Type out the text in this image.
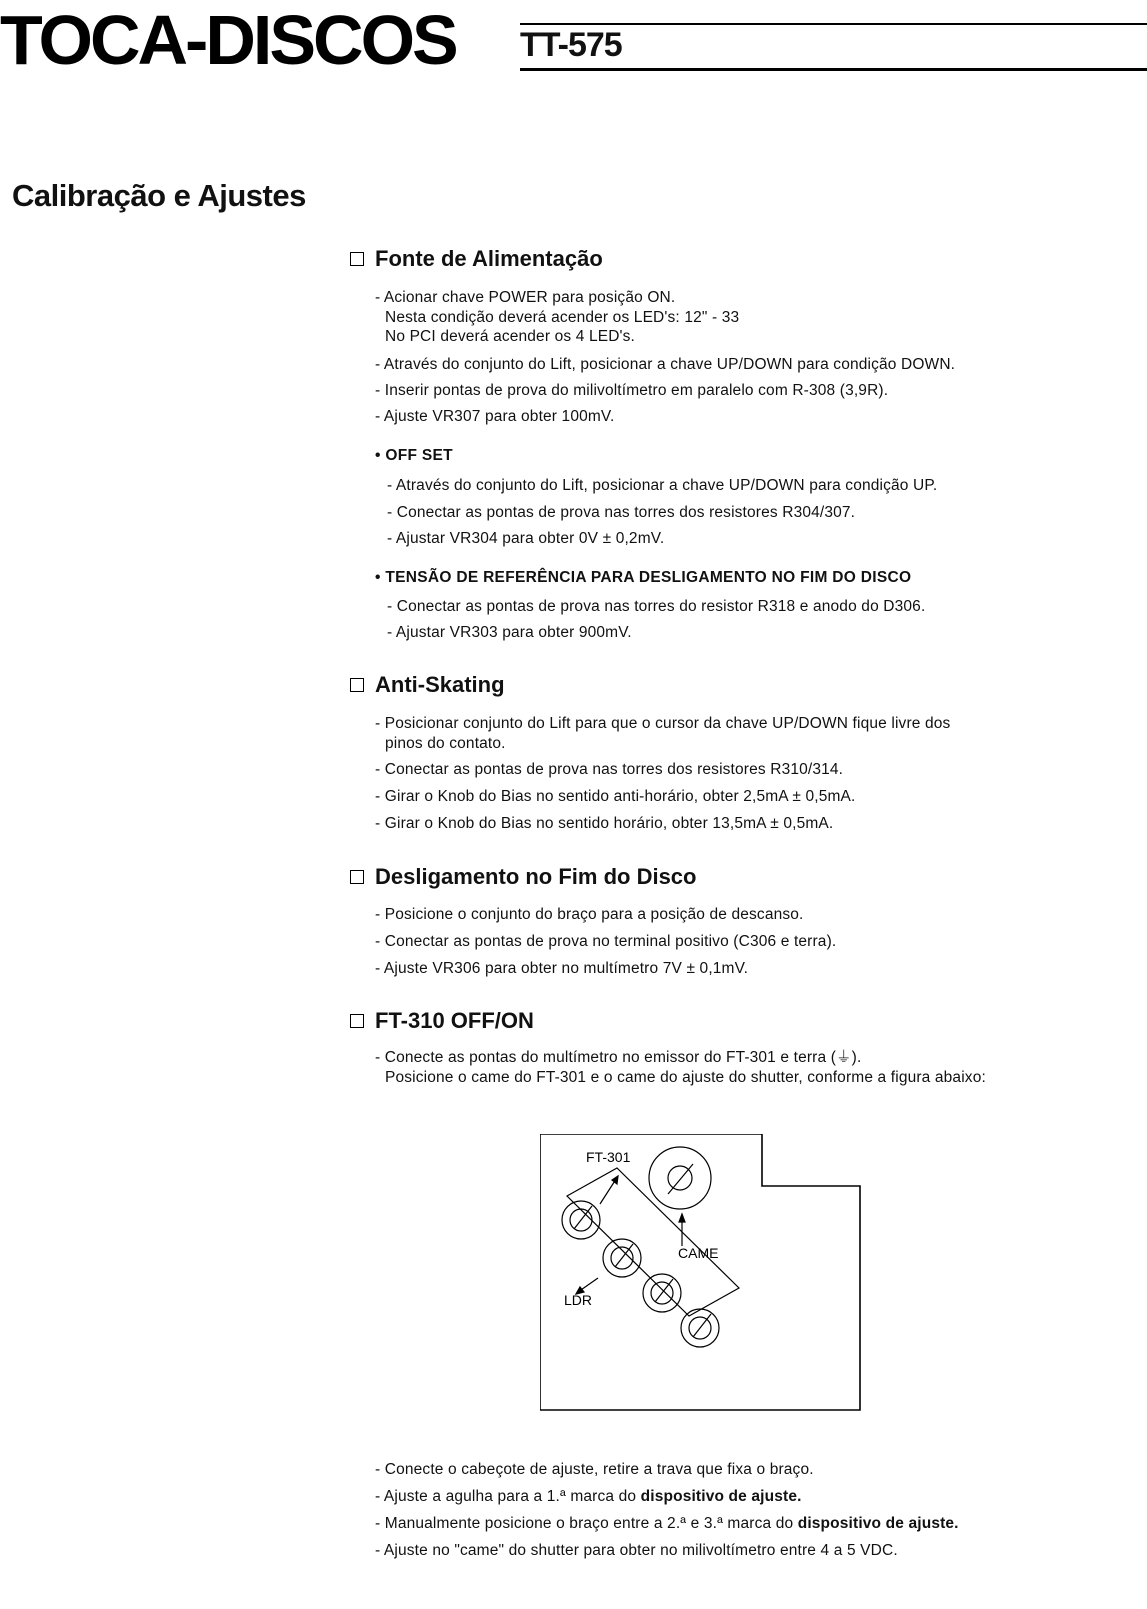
TOCA-DISCOS TT-575
Calibração e Ajustes
Fonte de Alimentação
- Acionar chave POWER para posição ON.
Nesta condição deverá acender os LED's: 12" - 33
No PCI deverá acender os 4 LED's.
- Através do conjunto do Lift, posicionar a chave UP/DOWN para condição DOWN.
- Inserir pontas de prova do milivoltímetro em paralelo com R-308 (3,9R).
- Ajuste VR307 para obter 100mV.
• OFF SET
- Através do conjunto do Lift, posicionar a chave UP/DOWN para condição UP.
- Conectar as pontas de prova nas torres dos resistores R304/307.
- Ajustar VR304 para obter 0V ± 0,2mV.
• TENSÃO DE REFERÊNCIA PARA DESLIGAMENTO NO FIM DO DISCO
- Conectar as pontas de prova nas torres do resistor R318 e anodo do D306.
- Ajustar VR303 para obter 900mV.
Anti-Skating
- Posicionar conjunto do Lift para que o cursor da chave UP/DOWN fique livre dos
pinos do contato.
- Conectar as pontas de prova nas torres dos resistores R310/314.
- Girar o Knob do Bias no sentido anti-horário, obter 2,5mA ± 0,5mA.
- Girar o Knob do Bias no sentido horário, obter 13,5mA ± 0,5mA.
Desligamento no Fim do Disco
- Posicione o conjunto do braço para a posição de descanso.
- Conectar as pontas de prova no terminal positivo (C306 e terra).
- Ajuste VR306 para obter no multímetro 7V ± 0,1mV.
FT-310 OFF/ON
- Conecte as pontas do multímetro no emissor do FT-301 e terra (⏚).
Posicione o came do FT-301 e o came do ajuste do shutter, conforme a figura abaixo:
FT-301
CAME
LDR
- Conecte o cabeçote de ajuste, retire a trava que fixa o braço.
- Ajuste a agulha para a 1.ª marca do dispositivo de ajuste.
- Manualmente posicione o braço entre a 2.ª e 3.ª marca do dispositivo de ajuste.
- Ajuste no "came" do shutter para obter no milivoltímetro entre 4 a 5 VDC.
